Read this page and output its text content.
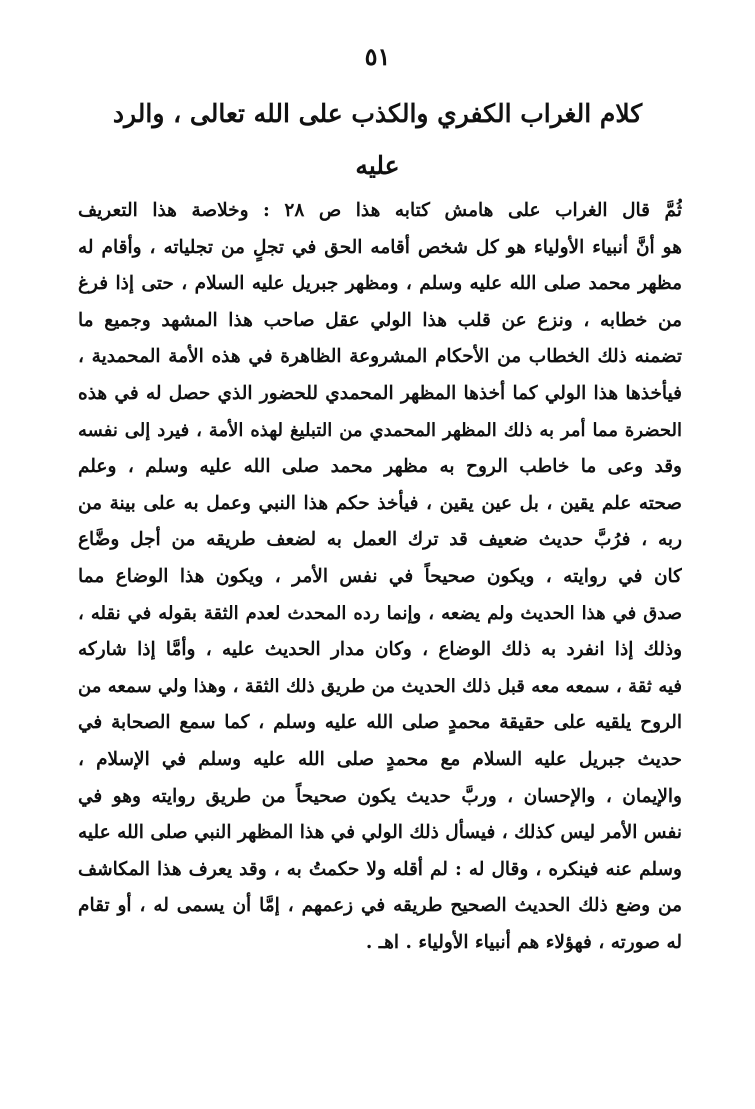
٥١
كلام الغراب الكفري والكذب على الله تعالى ، والرد عليه
ثُمَّ قال الغراب على هامش كتابه هذا ص ٢٨ : وخلاصة هذا التعريف
هو أنَّ أنبياء الأولياء هو كل شخص أقامه الحق في تجلٍ من تجلياته ، وأقام له
مظهر محمد صلى الله عليه وسلم ، ومظهر جبريل عليه السلام ، حتى إذا فرغ
من خطابه ، ونزع عن قلب هذا الولي عقل صاحب هذا المشهد وجميع ما
تضمنه ذلك الخطاب من الأحكام المشروعة الظاهرة في هذه الأمة المحمدية ،
فيأخذها هذا الولي كما أخذها المظهر المحمدي للحضور الذي حصل له في هذه
الحضرة مما أمر به ذلك المظهر المحمدي من التبليغ لهذه الأمة ، فيرد إلى نفسه
وقد وعى ما خاطب الروح به مظهر محمد صلى الله عليه وسلم ، وعلم
صحته علم يقين ، بل عين يقين ، فيأخذ حكم هذا النبي وعمل به على بينة من
ربه ، فرُبَّ حديث ضعيف قد ترك العمل به لضعف طريقه من أجل وضَّاع
كان في روايته ، ويكون صحيحاً في نفس الأمر ، ويكون هذا الوضاع مما
صدق في هذا الحديث ولم يضعه ، وإنما رده المحدث لعدم الثقة بقوله في نقله ،
وذلك إذا انفرد به ذلك الوضاع ، وكان مدار الحديث عليه ، وأمَّا إذا شاركه
فيه ثقة ، سمعه معه قبل ذلك الحديث من طريق ذلك الثقة ، وهذا ولي سمعه من
الروح يلقيه على حقيقة محمدٍ صلى الله عليه وسلم ، كما سمع الصحابة في
حديث جبريل عليه السلام مع محمدٍ صلى الله عليه وسلم في الإسلام ،
والإيمان ، والإحسان ، وربَّ حديث يكون صحيحاً من طريق روايته وهو في
نفس الأمر ليس كذلك ، فيسأل ذلك الولي في هذا المظهر النبي صلى الله عليه
وسلم عنه فينكره ، وقال له : لم أقله ولا حكمتُ به ، وقد يعرف هذا المكاشف
من وضع ذلك الحديث الصحيح طريقه في زعمهم ، إمَّا أن يسمى له ، أو تقام
له صورته ، فهؤلاء هم أنبياء الأولياء . اهـ .
